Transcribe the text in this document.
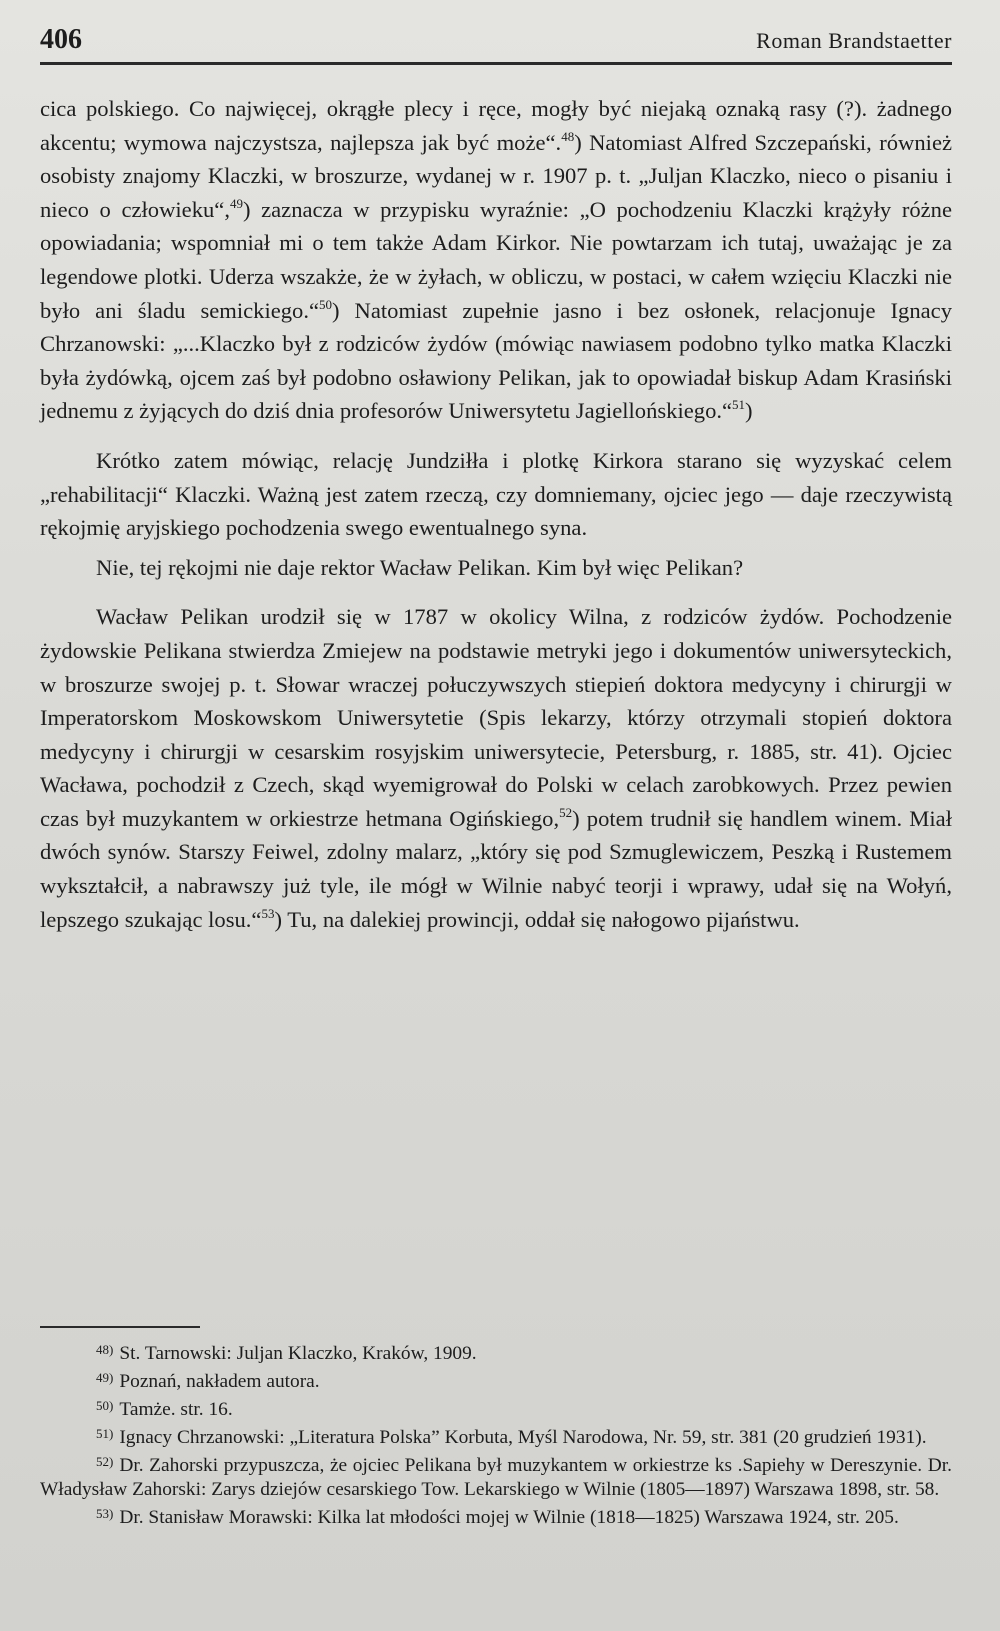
406	Roman Brandstaetter

cica polskiego. Co najwięcej, okrągłe plecy i ręce, mogły być niejaką oznaką rasy (?). żadnego akcentu; wymowa najczystsza, najlepsza jak być może“.$^{48}$) Natomiast Alfred Szczepański, również osobisty znajomy Klaczki, w broszurze, wydanej w r. 1907 p. t. „Juljan Klaczko, nieco o pisaniu i nieco o człowieku“,$^{49}$) zaznacza w przypisku wyraźnie: „O pochodzeniu Klaczki krążyły różne opowiadania; wspomniał mi o tem także Adam Kirkor. Nie powtarzam ich tutaj, uważając je za legendowe plotki. Uderza wszakże, że w żyłach, w obliczu, w postaci, w całem wzięciu Klaczki nie było ani śladu semickiego.“$^{50}$) Natomiast zupełnie jasno i bez osłonek, relacjonuje Ignacy Chrzanowski: „...Klaczko był z rodziców żydów (mówiąc nawiasem podobno tylko matka Klaczki była żydówką, ojcem zaś był podobno osławiony Pelikan, jak to opowiadał biskup Adam Krasiński jednemu z żyjących do dziś dnia profesorów Uniwersytetu Jagiellońskiego.“$^{51}$)

Krótko zatem mówiąc, relację Jundziłła i plotkę Kirkora starano się wyzyskać celem „rehabilitacji“ Klaczki. Ważną jest zatem rzeczą, czy domniemany, ojciec jego — daje rzeczywistą rękojmię aryjskiego pochodzenia swego ewentualnego syna.

Nie, tej rękojmi nie daje rektor Wacław Pelikan. Kim był więc Pelikan?

Wacław Pelikan urodził się w 1787 w okolicy Wilna, z rodziców żydów. Pochodzenie żydowskie Pelikana stwierdza Zmiejew na podstawie metryki jego i dokumentów uniwersyteckich, w broszurze swojej p. t. Słowar wraczej połuczywszych stiepień doktora medycyny i chirurgji w Imperatorskom Moskowskom Uniwersytetie (Spis lekarzy, którzy otrzymali stopień doktora medycyny i chirurgji w cesarskim rosyjskim uniwersytecie, Petersburg, r. 1885, str. 41). Ojciec Wacława, pochodził z Czech, skąd wyemigrował do Polski w celach zarobkowych. Przez pewien czas był muzykantem w orkiestrze hetmana Ogińskiego,$^{52}$) potem trudnił się handlem winem. Miał dwóch synów. Starszy Feiwel, zdolny malarz, „który się pod Szmuglewiczem, Peszką i Rustemem wykształcił, a nabrawszy już tyle, ile mógł w Wilnie nabyć teorji i wprawy, udał się na Wołyń, lepszego szukając losu.“$^{53}$) Tu, na dalekiej prowincji, oddał się nałogowo pijaństwu.

$^{48)}$ St. Tarnowski: Juljan Klaczko, Kraków, 1909.

$^{49)}$ Poznań, nakładem autora.

$^{50)}$ Tamże. str. 16.

$^{51)}$ Ignacy Chrzanowski: „Literatura Polska” Korbuta, Myśl Narodowa, Nr. 59, str. 381 (20 grudzień 1931).

$^{52)}$ Dr. Zahorski przypuszcza, że ojciec Pelikana był muzykantem w orkiestrze ks .Sapiehy w Dereszynie. Dr. Władysław Zahorski: Zarys dziejów cesarskiego Tow. Lekarskiego w Wilnie (1805—1897) Warszawa 1898, str. 58.

$^{53)}$ Dr. Stanisław Morawski: Kilka lat młodości mojej w Wilnie (1818—1825) Warszawa 1924, str. 205.
